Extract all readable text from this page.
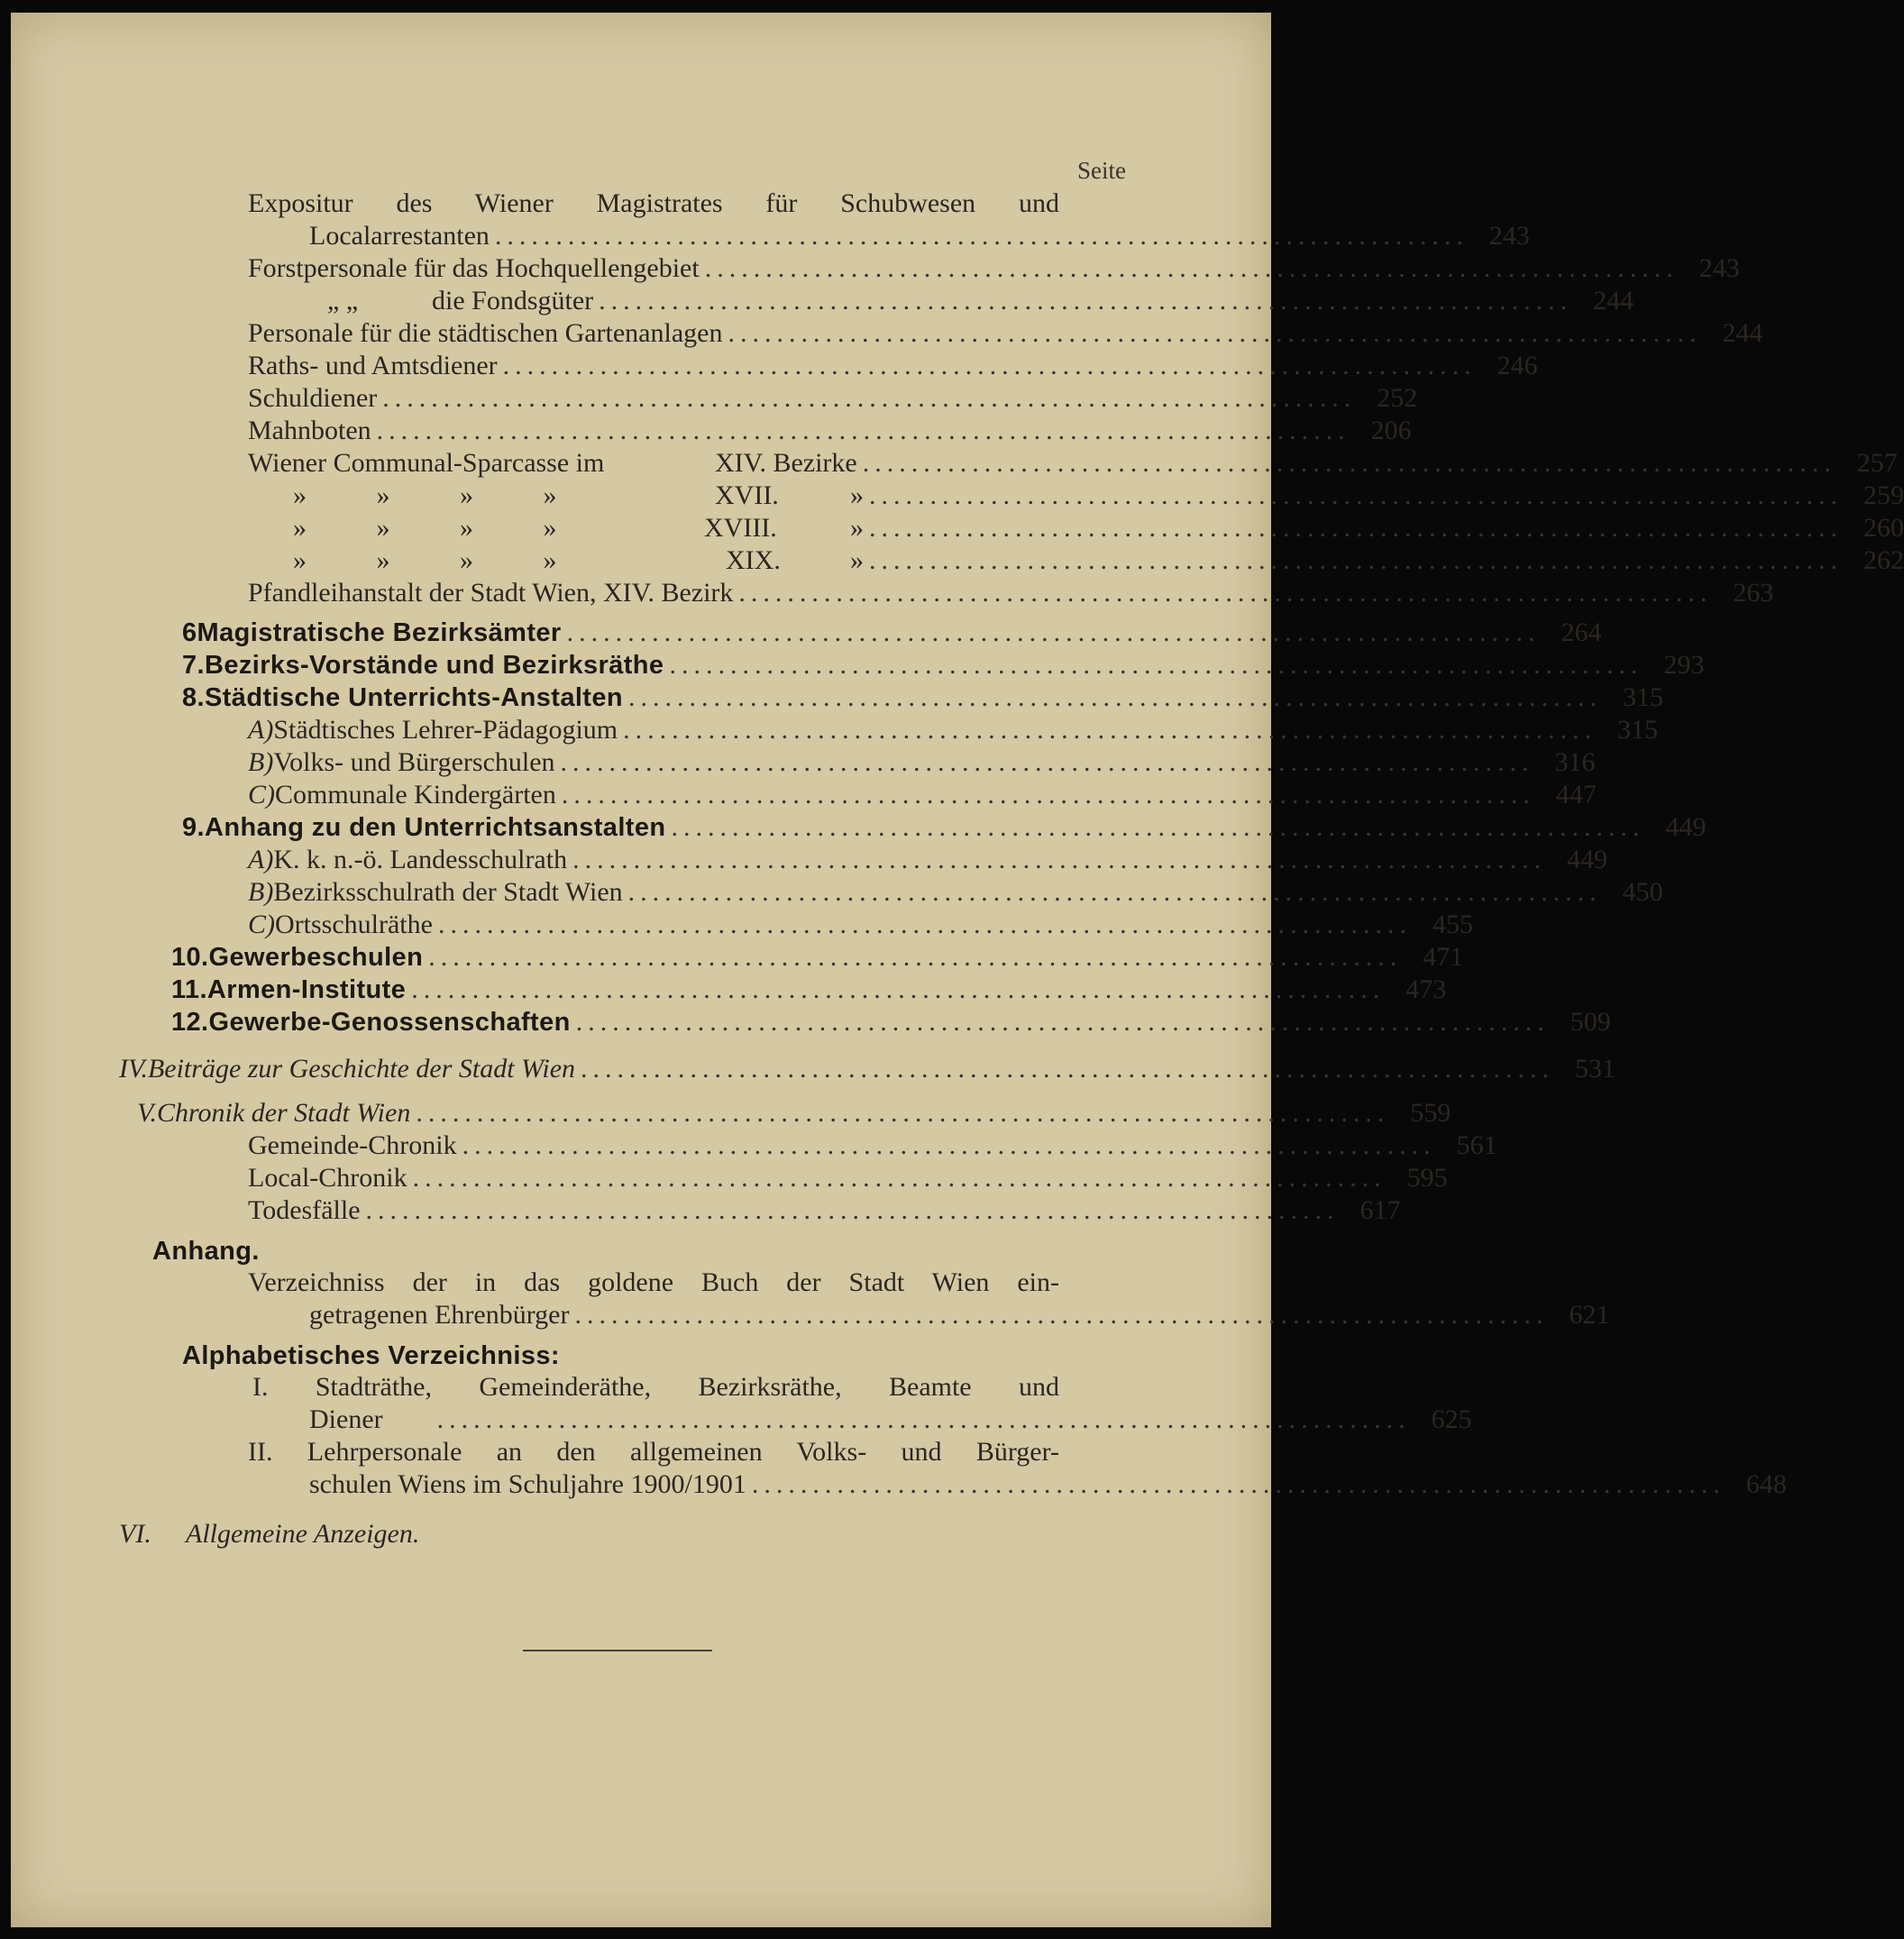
Seite
Expositur des Wiener Magistrates für Schubwesen und
Localarrestanten ................................................................................ 243
Forstpersonale für das Hochquellengebiet ................................................................................ 243
„ „	die Fondsgüter ................................................................................ 244
Personale für die städtischen Gartenanlagen ................................................................................ 244
Raths- und Amtsdiener ................................................................................ 246
Schuldiener ................................................................................ 252
Mahnboten ................................................................................ 206
Wiener Communal-Sparcasse im	XIV. Bezirke ................................................................................ 257
» » » »	XVII.	» ................................................................................ 259
» » » »	XVIII.	» ................................................................................ 260
» » » »	XIX.	» ................................................................................ 262
Pfandleihanstalt der Stadt Wien, XIV. Bezirk ................................................................................ 263
6 Magistratische Bezirksämter ................................................................................ 264
7. Bezirks-Vorstände und Bezirksräthe ................................................................................ 293
8. Städtische Unterrichts-Anstalten ................................................................................ 315
A) Städtisches Lehrer-Pädagogium ................................................................................ 315
B) Volks- und Bürgerschulen ................................................................................ 316
C) Communale Kindergärten ................................................................................ 447
9. Anhang zu den Unterrichtsanstalten ................................................................................ 449
A) K. k. n.-ö. Landesschulrath ................................................................................ 449
B) Bezirksschulrath der Stadt Wien ................................................................................ 450
C) Ortsschulräthe ................................................................................ 455
10. Gewerbeschulen ................................................................................ 471
11. Armen-Institute ................................................................................ 473
12. Gewerbe-Genossenschaften ................................................................................ 509
IV. Beiträge zur Geschichte der Stadt Wien ................................................................................ 531
V. Chronik der Stadt Wien ................................................................................ 559
Gemeinde-Chronik ................................................................................ 561
Local-Chronik ................................................................................ 595
Todesfälle ................................................................................ 617
Anhang.
Verzeichniss der in das goldene Buch der Stadt Wien ein-
getragenen Ehrenbürger ................................................................................ 621
Alphabetisches Verzeichniss:
I. Stadträthe, Gemeinderäthe, Bezirksräthe, Beamte und
Diener	................................................................................ 625
II. Lehrpersonale an den allgemeinen Volks- und Bürger-
schulen Wiens im Schuljahre 1900/1901 ................................................................................ 648
VI.	Allgemeine Anzeigen.
